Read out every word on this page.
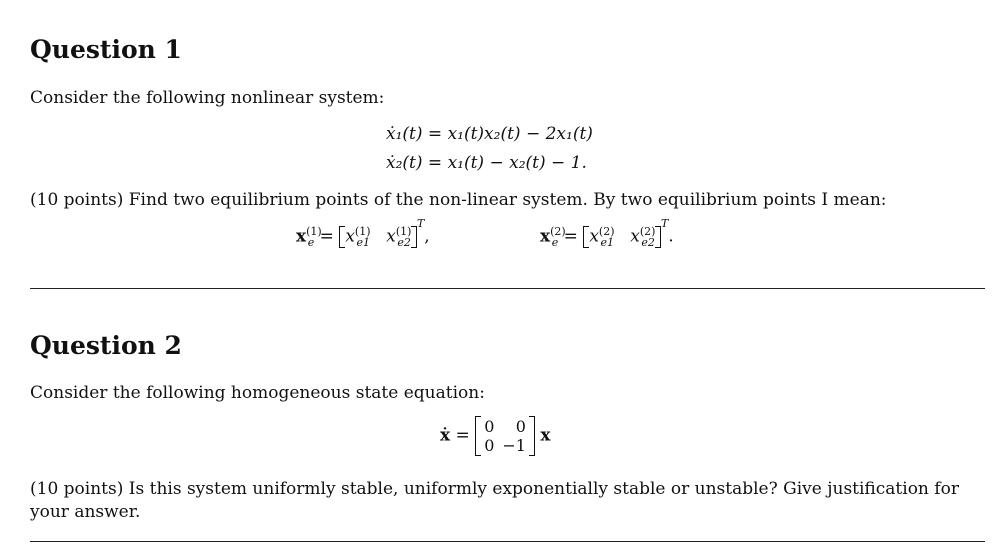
Question 1

Consider the following nonlinear system:

ẋ₁(t) = x₁(t)x₂(t) − 2x₁(t)
ẋ₂(t) = x₁(t) − x₂(t) − 1.

(10 points) Find two equilibrium points of the non-linear system. By two equilibrium points I mean:

$x^{(1)}_e = x^{(1)}_{e1}$ $x^{(1)}_{e2}^T$,	$x^{(2)}_e = x^{(2)}_{e1}$ $x^{(2)}_{e2}^T$.
Question 2

Consider the following homogeneous state equation:

ẋ = 0	0
0	−1 x

(10 points) Is this system uniformly stable, uniformly exponentially stable or unstable? Give justification for your answer.
